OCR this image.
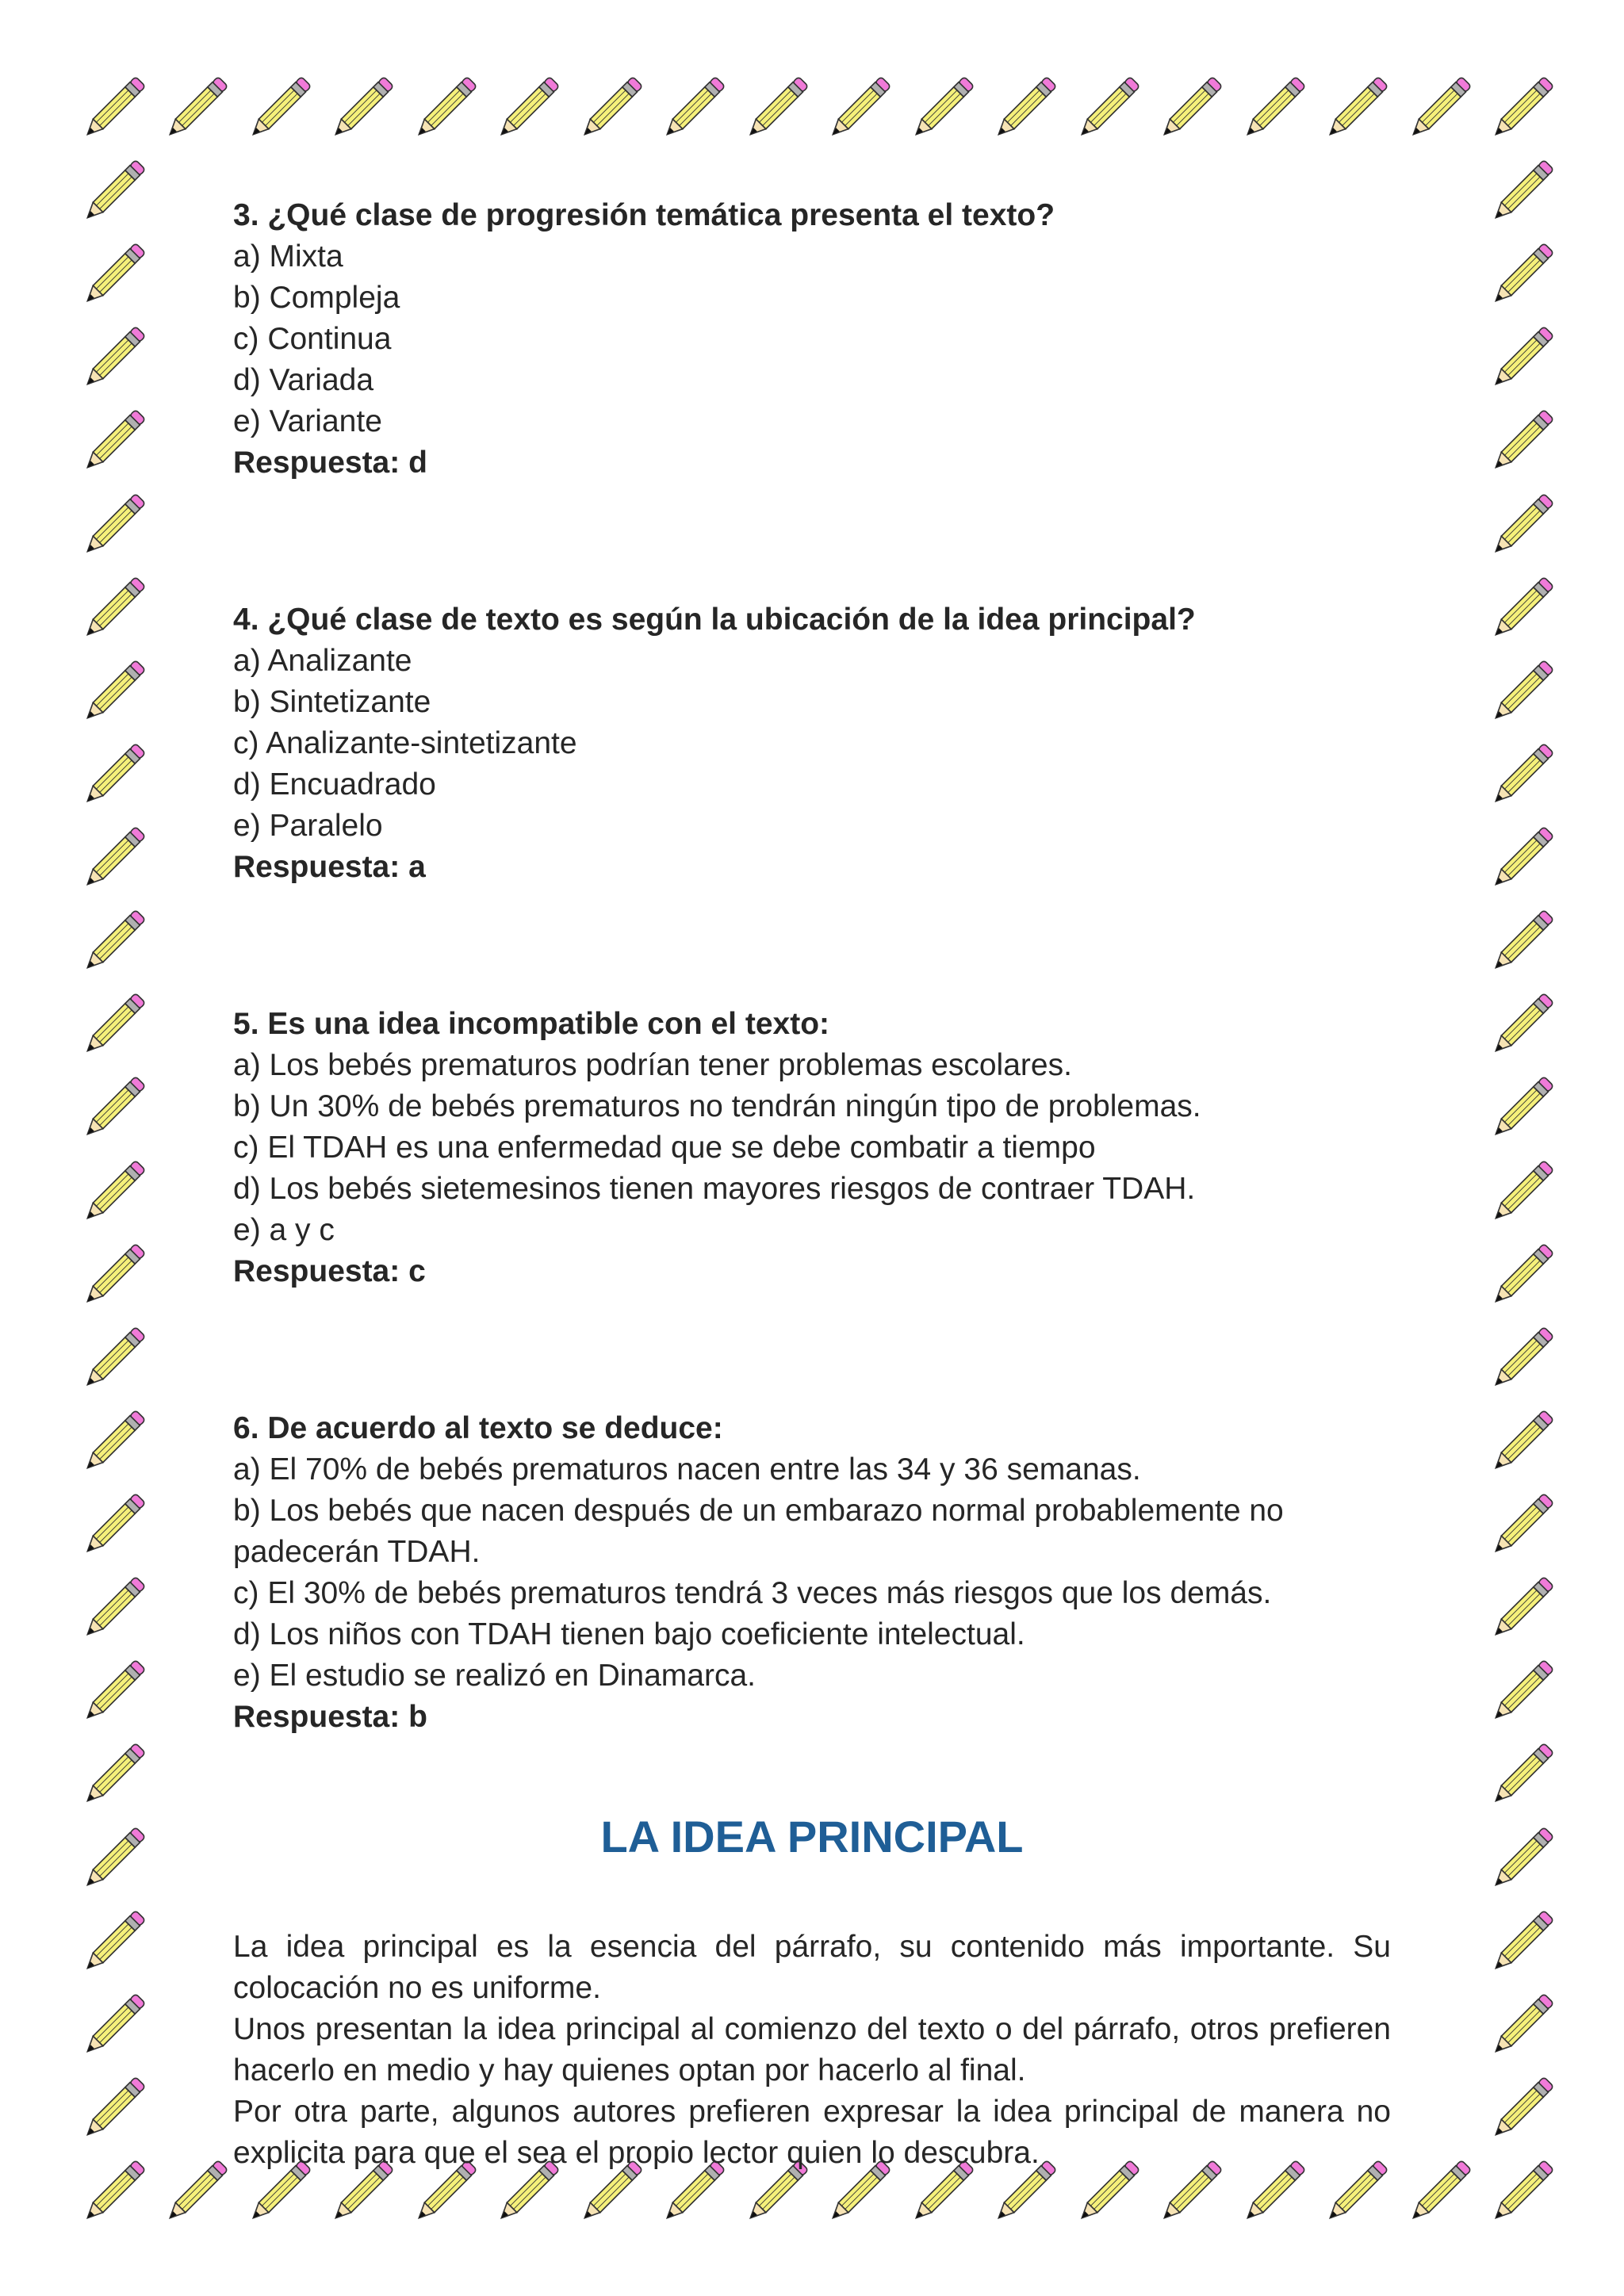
3. ¿Qué clase de progresión temática presenta el texto?
a) Mixta
b) Compleja
c) Continua
d) Variada
e) Variante
Respuesta: d
4. ¿Qué clase de texto es según la ubicación de la idea principal?
a) Analizante
b) Sintetizante
c) Analizante-sintetizante
d) Encuadrado
e) Paralelo
Respuesta: a
5. Es una idea incompatible con el texto:
a) Los bebés prematuros podrían tener problemas escolares.
b) Un 30% de bebés prematuros no tendrán ningún tipo de problemas.
c) El TDAH es una enfermedad que se debe combatir a tiempo
d) Los bebés sietemesinos tienen mayores riesgos de contraer TDAH.
e) a y c
Respuesta: c
6. De acuerdo al texto se deduce:
a) El 70% de bebés prematuros nacen entre las 34 y 36 semanas.
b) Los bebés que nacen después de un embarazo normal probablemente no padecerán TDAH.
c) El 30% de bebés prematuros tendrá 3 veces más riesgos que los demás.
d) Los niños con TDAH tienen bajo coeficiente intelectual.
e) El estudio se realizó en Dinamarca.
Respuesta: b
LA IDEA PRINCIPAL

La idea principal es la esencia del párrafo, su contenido más importante. Su colocación no es uniforme.

Unos presentan la idea principal al comienzo del texto o del párrafo, otros prefieren hacerlo en medio y hay quienes optan por hacerlo al final.

Por otra parte, algunos autores prefieren expresar la idea principal de manera no explicita para que el sea el propio lector quien lo descubra.
